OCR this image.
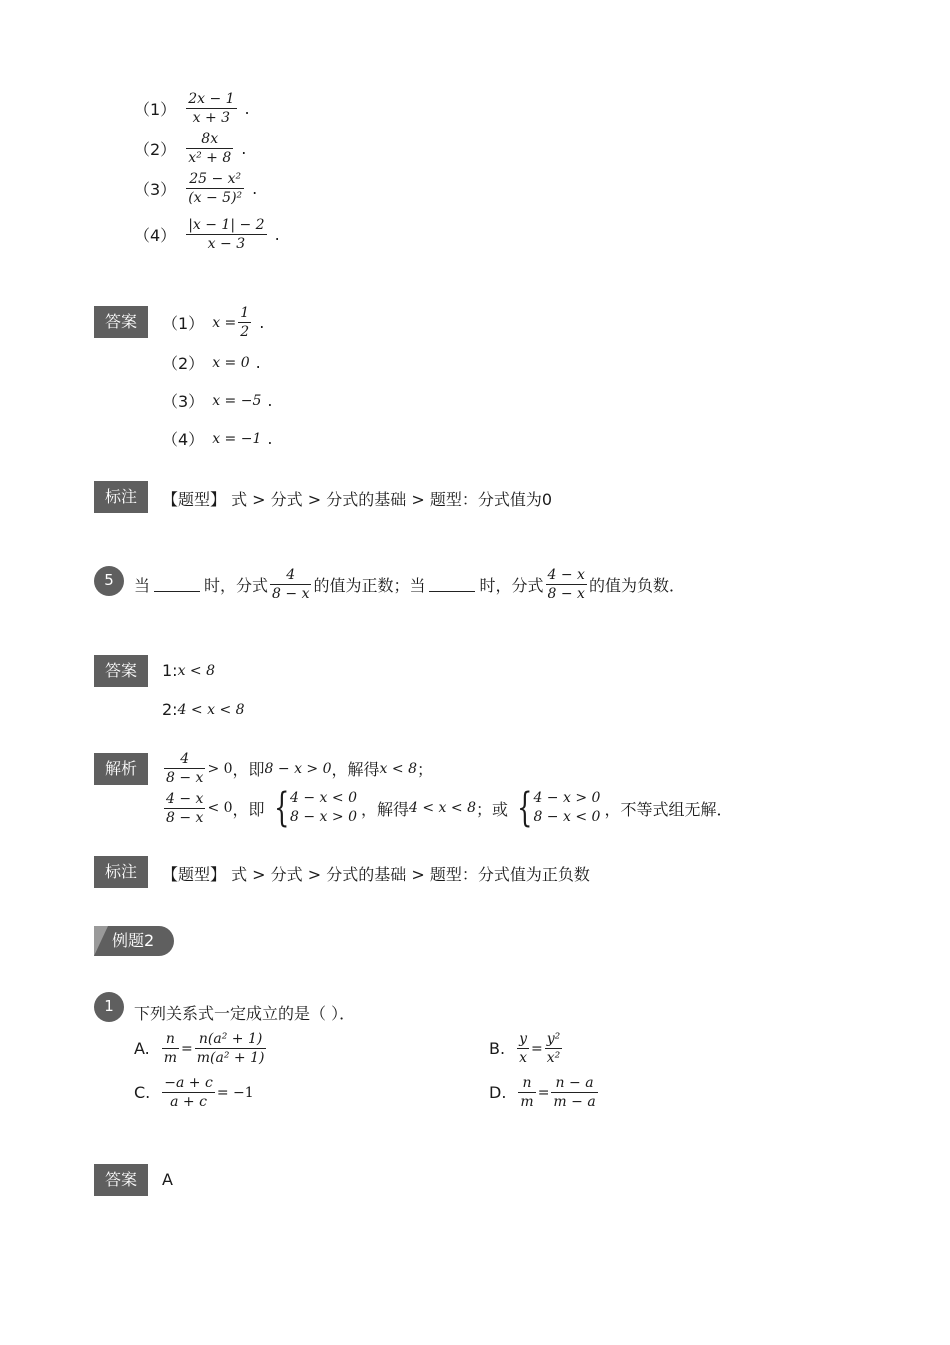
$(1) \frac{2x - 1}{x + 3}$ .
$(2) \frac{8x}{\text{x² + 8}}$ .
$(3) \frac{\text{25 − x²}}{\text{(x − 5)²}}$ .
$(4) \frac{|x - 1| - 2}{x - 3}$ .
答案	（1） $x = \frac{1}{2}$ .
（2） x = 0 .
（3） x = −5 .
（4） x = −1 .
标注	【题型】 式 > 分式 > 分式的基础 > 题型：分式值为0
5	当	时，分式 $\frac{4}{8 - x}$ 的值为正数；当	时，分式 $\frac{4 - x}{8 - x}$ 的值为负数．
答案	1: x < 8
2: 4 < x < 8
解析	$\frac{4}{8 - x} > 0$ ，即 8 − x > 0 ，解得 x < 8 ；
$\frac{4 - x}{8 - x} < 0$ ，即 { 4 − x < 0
8 − x > 0 ，解得 4 < x < 8 ；或 { 4 − x > 0
8 − x < 0 ，不等式组无解．
标注	【题型】 式 > 分式 > 分式的基础 > 题型：分式值为正负数
例题2
1	下列关系式一定成立的是（ ）．
A. $\frac{n}{m} = \frac{\text{n(a² + 1)}}{\text{m(a² + 1)}}$	B. $\frac{y}{x} = \frac{\text{y²}}{\text{x²}}$
C. $\frac{-a + c}{a + c} = -1$	D. $\frac{n}{m} = \frac{n - a}{m - a}$
答案	A
